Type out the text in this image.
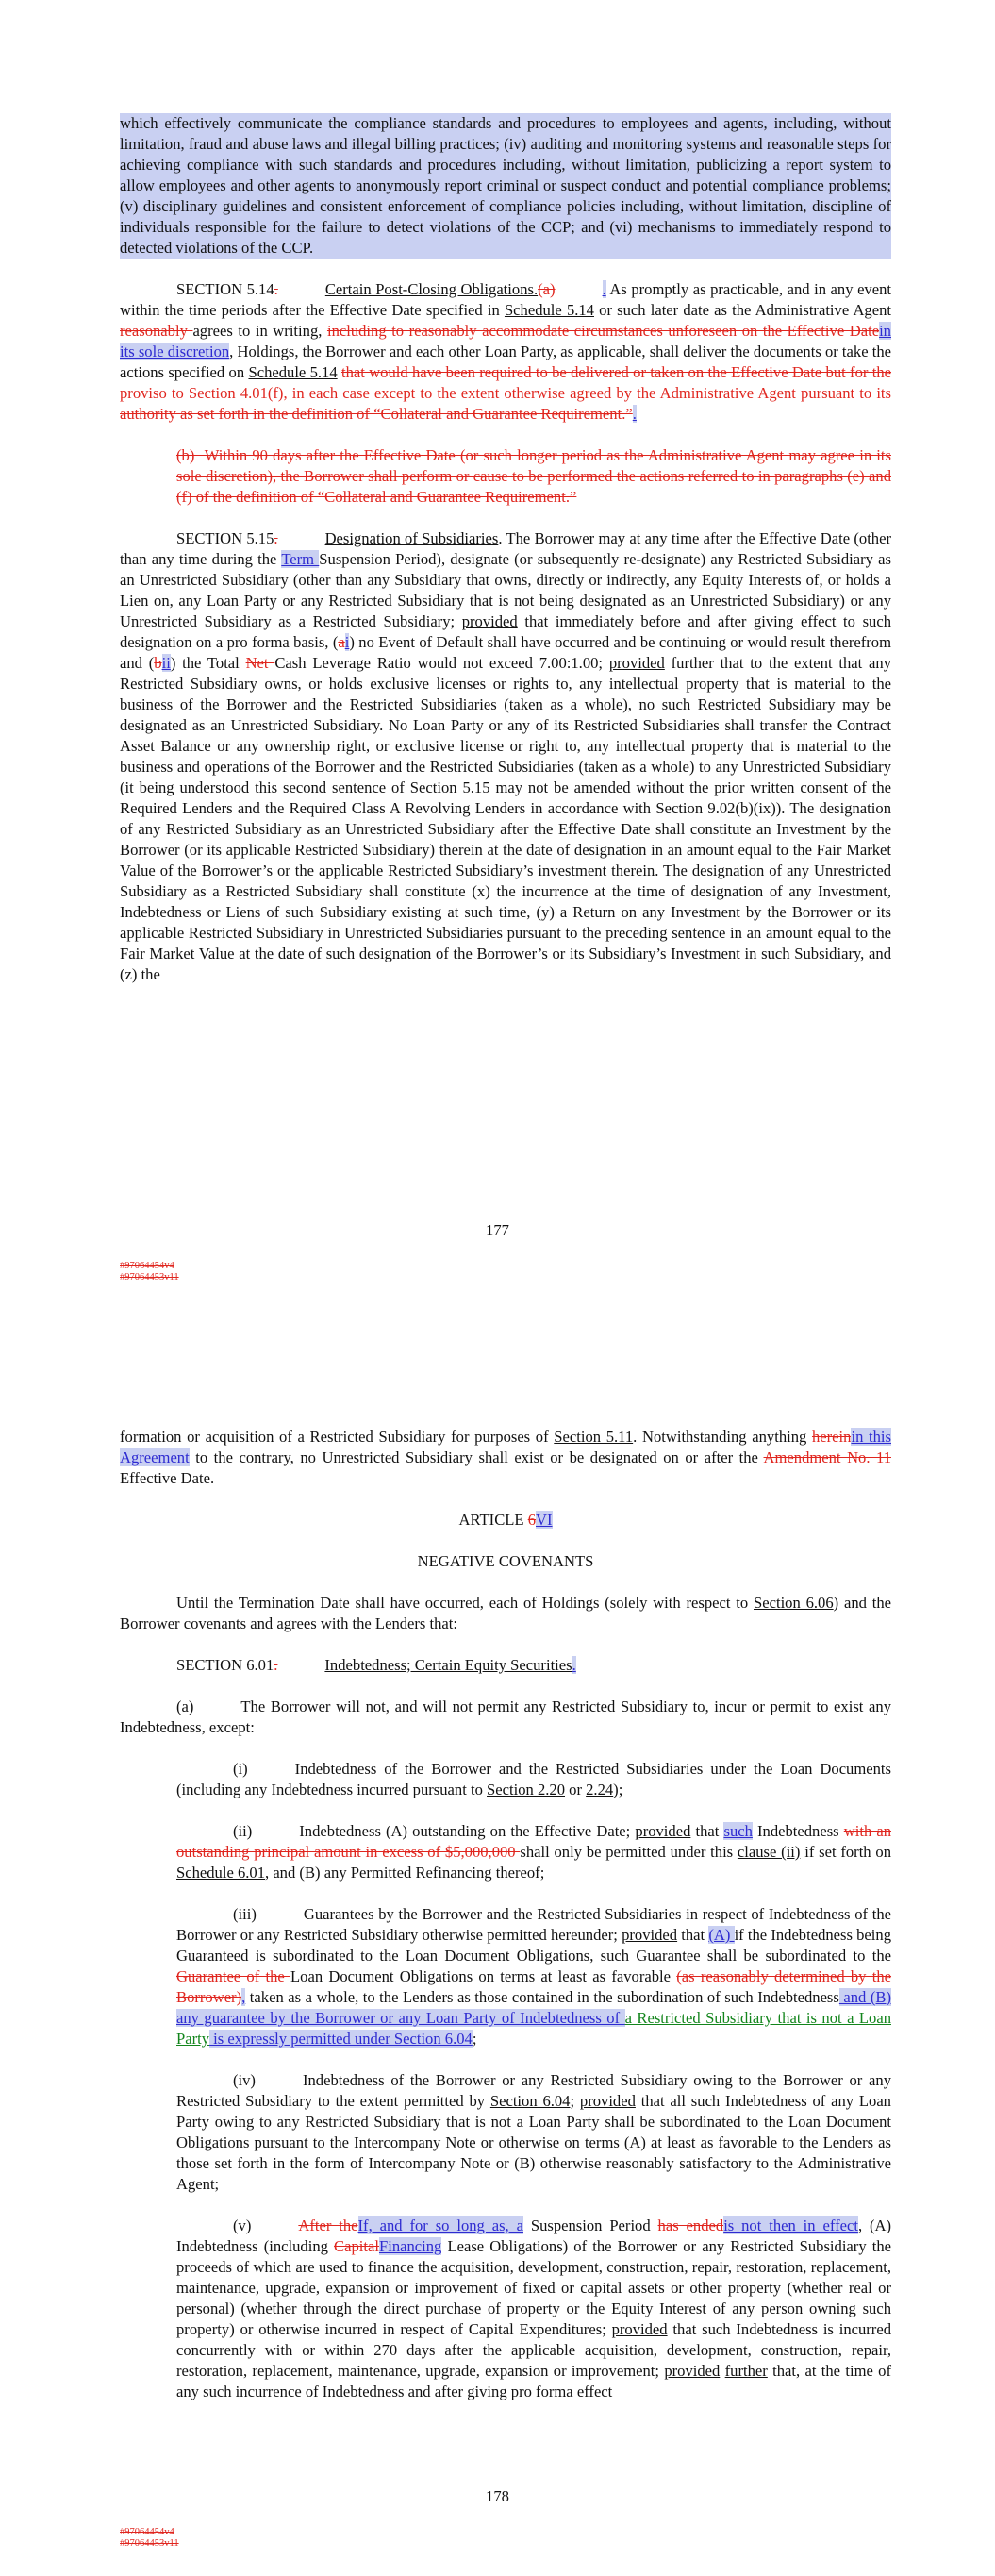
which effectively communicate the compliance standards and procedures to employees and agents, including, without limitation, fraud and abuse laws and illegal billing practices; (iv) auditing and monitoring systems and reasonable steps for achieving compliance with such standards and procedures including, without limitation, publicizing a report system to allow employees and other agents to anonymously report criminal or suspect conduct and potential compliance problems; (v) disciplinary guidelines and consistent enforcement of compliance policies including, without limitation, discipline of individuals responsible for the failure to detect violations of the CCP; and (vi) mechanisms to immediately respond to detected violations of the CCP.

SECTION 5.14.	Certain Post-Closing Obligations.(a)	. As promptly as practicable, and in any event within the time periods after the Effective Date specified in Schedule 5.14 or such later date as the Administrative Agent reasonably agrees to in writing, including to reasonably accommodate circumstances unforeseen on the Effective Datein its sole discretion, Holdings, the Borrower and each other Loan Party, as applicable, shall deliver the documents or take the actions specified on Schedule 5.14 that would have been required to be delivered or taken on the Effective Date but for the proviso to Section 4.01(f), in each case except to the extent otherwise agreed by the Administrative Agent pursuant to its authority as set forth in the definition of “Collateral and Guarantee Requirement.”.

(b)  Within 90 days after the Effective Date (or such longer period as the Administrative Agent may agree in its sole discretion), the Borrower shall perform or cause to be performed the actions referred to in paragraphs (e) and (f) of the definition of “Collateral and Guarantee Requirement.”

SECTION 5.15.	Designation of Subsidiaries. The Borrower may at any time after the Effective Date (other than any time during the Term Suspension Period), designate (or subsequently re-designate) any Restricted Subsidiary as an Unrestricted Subsidiary (other than any Subsidiary that owns, directly or indirectly, any Equity Interests of, or holds a Lien on, any Loan Party or any Restricted Subsidiary that is not being designated as an Unrestricted Subsidiary) or any Unrestricted Subsidiary as a Restricted Subsidiary; provided that immediately before and after giving effect to such designation on a pro forma basis, (ai) no Event of Default shall have occurred and be continuing or would result therefrom and (bii) the Total Net Cash Leverage Ratio would not exceed 7.00:1.00; provided further that to the extent that any Restricted Subsidiary owns, or holds exclusive licenses or rights to, any intellectual property that is material to the business of the Borrower and the Restricted Subsidiaries (taken as a whole), no such Restricted Subsidiary may be designated as an Unrestricted Subsidiary. No Loan Party or any of its Restricted Subsidiaries shall transfer the Contract Asset Balance or any ownership right, or exclusive license or right to, any intellectual property that is material to the business and operations of the Borrower and the Restricted Subsidiaries (taken as a whole) to any Unrestricted Subsidiary (it being understood this second sentence of Section 5.15 may not be amended without the prior written consent of the Required Lenders and the Required Class A Revolving Lenders in accordance with Section 9.02(b)(ix)). The designation of any Restricted Subsidiary as an Unrestricted Subsidiary after the Effective Date shall constitute an Investment by the Borrower (or its applicable Restricted Subsidiary) therein at the date of designation in an amount equal to the Fair Market Value of the Borrower’s or the applicable Restricted Subsidiary’s investment therein. The designation of any Unrestricted Subsidiary as a Restricted Subsidiary shall constitute (x) the incurrence at the time of designation of any Investment, Indebtedness or Liens of such Subsidiary existing at such time, (y) a Return on any Investment by the Borrower or its applicable Restricted Subsidiary in Unrestricted Subsidiaries pursuant to the preceding sentence in an amount equal to the Fair Market Value at the date of such designation of the Borrower’s or its Subsidiary’s Investment in such Subsidiary, and (z) the

177
#97064454v4
#97064453v11

formation or acquisition of a Restricted Subsidiary for purposes of Section 5.11. Notwithstanding anything hereinin this Agreement to the contrary, no Unrestricted Subsidiary shall exist or be designated on or after the Amendment No. 11 Effective Date.

ARTICLE 6VI

NEGATIVE COVENANTS

Until the Termination Date shall have occurred, each of Holdings (solely with respect to Section 6.06) and the Borrower covenants and agrees with the Lenders that:

SECTION 6.01.	Indebtedness; Certain Equity Securities.

(a)	The Borrower will not, and will not permit any Restricted Subsidiary to, incur or permit to exist any Indebtedness, except:

(i)	Indebtedness of the Borrower and the Restricted Subsidiaries under the Loan Documents (including any Indebtedness incurred pursuant to Section 2.20 or 2.24);

(ii)	Indebtedness (A) outstanding on the Effective Date; provided that such Indebtedness with an outstanding principal amount in excess of $5,000,000 shall only be permitted under this clause (ii) if set forth on Schedule 6.01, and (B) any Permitted Refinancing thereof;

(iii)	Guarantees by the Borrower and the Restricted Subsidiaries in respect of Indebtedness of the Borrower or any Restricted Subsidiary otherwise permitted hereunder; provided that (A) if the Indebtedness being Guaranteed is subordinated to the Loan Document Obligations, such Guarantee shall be subordinated to the Guarantee of the Loan Document Obligations on terms at least as favorable (as reasonably determined by the Borrower), taken as a whole, to the Lenders as those contained in the subordination of such Indebtedness and (B) any guarantee by the Borrower or any Loan Party of Indebtedness of a Restricted Subsidiary that is not a Loan Party is expressly permitted under Section 6.04;

(iv)	Indebtedness of the Borrower or any Restricted Subsidiary owing to the Borrower or any Restricted Subsidiary to the extent permitted by Section 6.04; provided that all such Indebtedness of any Loan Party owing to any Restricted Subsidiary that is not a Loan Party shall be subordinated to the Loan Document Obligations pursuant to the Intercompany Note or otherwise on terms (A) at least as favorable to the Lenders as those set forth in the form of Intercompany Note or (B) otherwise reasonably satisfactory to the Administrative Agent;

(v)	After theIf, and for so long as, a Suspension Period has endedis not then in effect, (A) Indebtedness (including CapitalFinancing Lease Obligations) of the Borrower or any Restricted Subsidiary the proceeds of which are used to finance the acquisition, development, construction, repair, restoration, replacement, maintenance, upgrade, expansion or improvement of fixed or capital assets or other property (whether real or personal) (whether through the direct purchase of property or the Equity Interest of any person owning such property) or otherwise incurred in respect of Capital Expenditures; provided that such Indebtedness is incurred concurrently with or within 270 days after the applicable acquisition, development, construction, repair, restoration, replacement, maintenance, upgrade, expansion or improvement; provided further that, at the time of any such incurrence of Indebtedness and after giving pro forma effect

178
#97064454v4
#97064453v11
